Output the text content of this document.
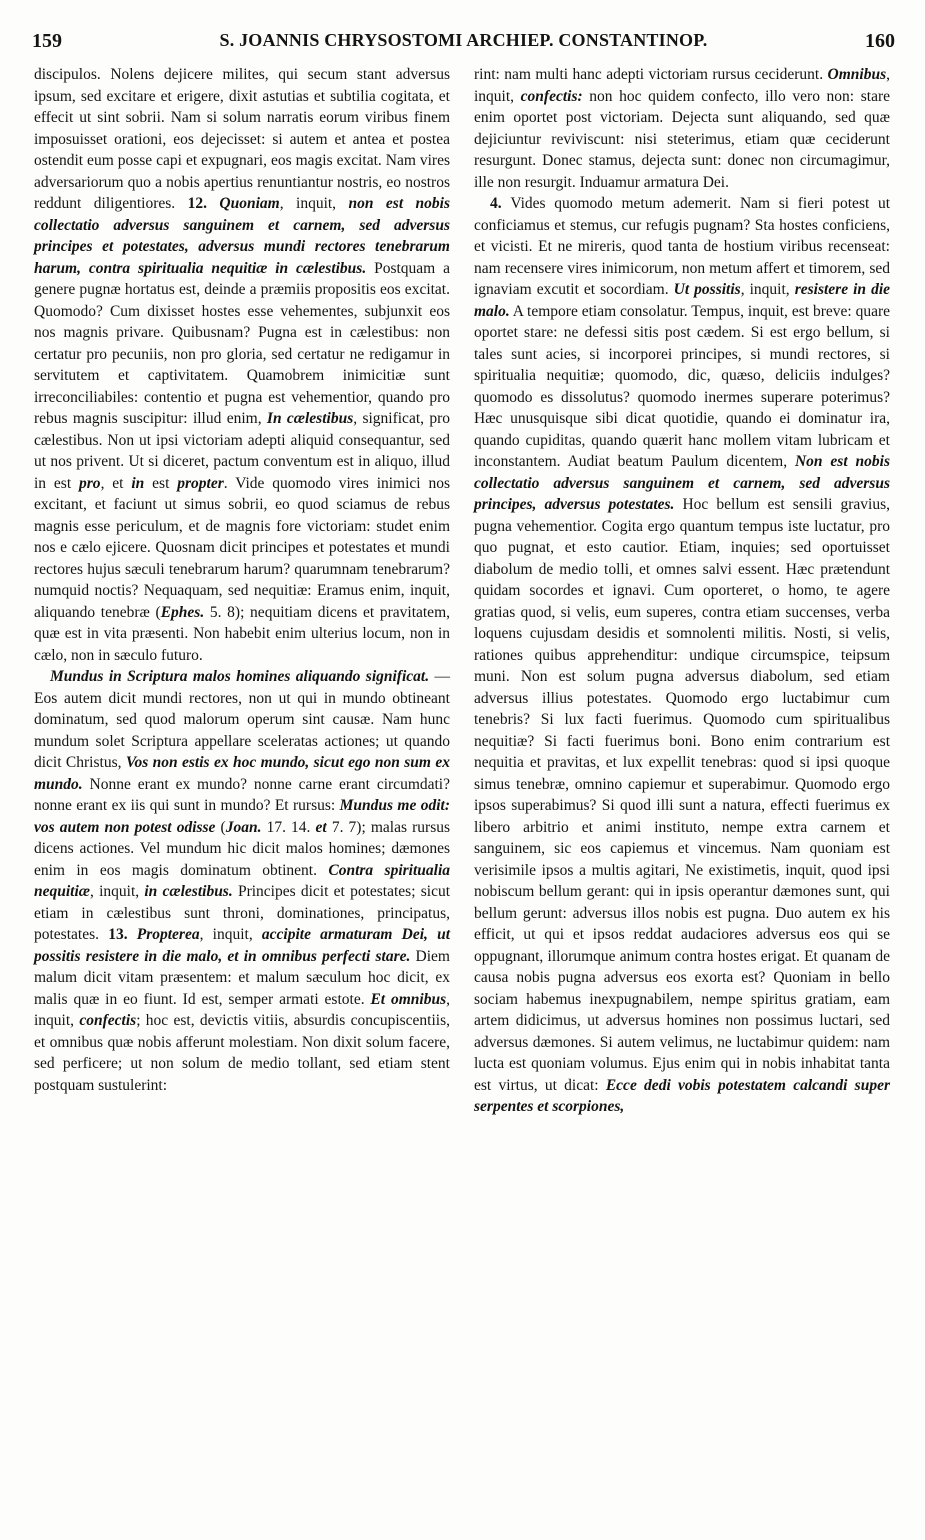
159	S. JOANNIS CHRYSOSTOMI ARCHIEP. CONSTANTINOP.	160

discipulos. Nolens dejicere milites, qui secum stant adversus ipsum, sed excitare et erigere, dixit astutias et subtilia cogitata, et effecit ut sint sobrii. Nam si solum narratis eorum viribus finem imposuisset orationi, eos dejecisset: si autem et antea et postea ostendit eum posse capi et expugnari, eos magis excitat. Nam vires adversariorum quo a nobis apertius renuntiantur nostris, eo nostros reddunt diligentiores. 12. Quoniam, inquit, non est nobis collectatio adversus sanguinem et carnem, sed adversus principes et potestates, adversus mundi rectores tenebrarum harum, contra spiritualia nequitiæ in cælestibus. Postquam a genere pugnæ hortatus est, deinde a præmiis propositis eos excitat. Quomodo? Cum dixisset hostes esse vehementes, subjunxit eos nos magnis privare. Quibusnam? Pugna est in cælestibus: non certatur pro pecuniis, non pro gloria, sed certatur ne redigamur in servitutem et captivitatem. Quamobrem inimicitiæ sunt irreconciliabiles: contentio et pugna est vehementior, quando pro rebus magnis suscipitur: illud enim, In cælestibus, significat, pro cælestibus. Non ut ipsi victoriam adepti aliquid consequantur, sed ut nos privent. Ut si diceret, pactum conventum est in aliquo, illud in est pro, et in est propter. Vide quomodo vires inimici nos excitant, et faciunt ut simus sobrii, eo quod sciamus de rebus magnis esse periculum, et de magnis fore victoriam: studet enim nos e cælo ejicere. Quosnam dicit principes et potestates et mundi rectores hujus sæculi tenebrarum harum? quarumnam tenebrarum? numquid noctis? Nequaquam, sed nequitiæ: Eramus enim, inquit, aliquando tenebræ (Ephes. 5. 8); nequitiam dicens et pravitatem, quæ est in vita præsenti. Non habebit enim ulterius locum, non in cælo, non in sæculo futuro.

Mundus in Scriptura malos homines aliquando significat. — Eos autem dicit mundi rectores, non ut qui in mundo obtineant dominatum, sed quod malorum operum sint causæ. Nam hunc mundum solet Scriptura appellare sceleratas actiones; ut quando dicit Christus, Vos non estis ex hoc mundo, sicut ego non sum ex mundo. Nonne erant ex mundo? nonne carne erant circumdati? nonne erant ex iis qui sunt in mundo? Et rursus: Mundus me odit: vos autem non potest odisse (Joan. 17. 14. et 7. 7); malas rursus dicens actiones. Vel mundum hic dicit malos homines; dæmones enim in eos magis dominatum obtinent. Contra spiritualia nequitiæ, inquit, in cælestibus. Principes dicit et potestates; sicut etiam in cælestibus sunt throni, dominationes, principatus, potestates. 13. Propterea, inquit, accipite armaturam Dei, ut possitis resistere in die malo, et in omnibus perfecti stare. Diem malum dicit vitam præsentem: et malum sæculum hoc dicit, ex malis quæ in eo fiunt. Id est, semper armati estote. Et omnibus, inquit, confectis; hoc est, devictis vitiis, absurdis concupiscentiis, et omnibus quæ nobis afferunt molestiam. Non dixit solum facere, sed perficere; ut non solum de medio tollant, sed etiam stent postquam sustulerint:

rint: nam multi hanc adepti victoriam rursus ceciderunt. Omnibus, inquit, confectis: non hoc quidem confecto, illo vero non: stare enim oportet post victoriam. Dejecta sunt aliquando, sed quæ dejiciuntur reviviscunt: nisi steterimus, etiam quæ ceciderunt resurgunt. Donec stamus, dejecta sunt: donec non circumagimur, ille non resurgit. Induamur armatura Dei.

4. Vides quomodo metum ademerit. Nam si fieri potest ut conficiamus et stemus, cur refugis pugnam? Sta hostes conficiens, et vicisti. Et ne mireris, quod tanta de hostium viribus recenseat: nam recensere vires inimicorum, non metum affert et timorem, sed ignaviam excutit et socordiam. Ut possitis, inquit, resistere in die malo. A tempore etiam consolatur. Tempus, inquit, est breve: quare oportet stare: ne defessi sitis post cædem. Si est ergo bellum, si tales sunt acies, si incorporei principes, si mundi rectores, si spiritualia nequitiæ; quomodo, dic, quæso, deliciis indulges? quomodo es dissolutus? quomodo inermes superare poterimus? Hæc unusquisque sibi dicat quotidie, quando ei dominatur ira, quando cupiditas, quando quærit hanc mollem vitam lubricam et inconstantem. Audiat beatum Paulum dicentem, Non est nobis collectatio adversus sanguinem et carnem, sed adversus principes, adversus potestates. Hoc bellum est sensili gravius, pugna vehementior. Cogita ergo quantum tempus iste luctatur, pro quo pugnat, et esto cautior. Etiam, inquies; sed oportuisset diabolum de medio tolli, et omnes salvi essent. Hæc prætendunt quidam socordes et ignavi. Cum oporteret, o homo, te agere gratias quod, si velis, eum superes, contra etiam succenses, verba loquens cujusdam desidis et somnolenti militis. Nosti, si velis, rationes quibus apprehenditur: undique circumspice, teipsum muni. Non est solum pugna adversus diabolum, sed etiam adversus illius potestates. Quomodo ergo luctabimur cum tenebris? Si lux facti fuerimus. Quomodo cum spiritualibus nequitiæ? Si facti fuerimus boni. Bono enim contrarium est nequitia et pravitas, et lux expellit tenebras: quod si ipsi quoque simus tenebræ, omnino capiemur et superabimur. Quomodo ergo ipsos superabimus? Si quod illi sunt a natura, effecti fuerimus ex libero arbitrio et animi instituto, nempe extra carnem et sanguinem, sic eos capiemus et vincemus. Nam quoniam est verisimile ipsos a multis agitari, Ne existimetis, inquit, quod ipsi nobiscum bellum gerant: qui in ipsis operantur dæmones sunt, qui bellum gerunt: adversus illos nobis est pugna. Duo autem ex his efficit, ut qui et ipsos reddat audaciores adversus eos qui se oppugnant, illorumque animum contra hostes erigat. Et quanam de causa nobis pugna adversus eos exorta est? Quoniam in bello sociam habemus inexpugnabilem, nempe spiritus gratiam, eam artem didicimus, ut adversus homines non possimus luctari, sed adversus dæmones. Si autem velimus, ne luctabimur quidem: nam lucta est quoniam volumus. Ejus enim qui in nobis inhabitat tanta est virtus, ut dicat: Ecce dedi vobis potestatem calcandi super serpentes et scorpiones,
